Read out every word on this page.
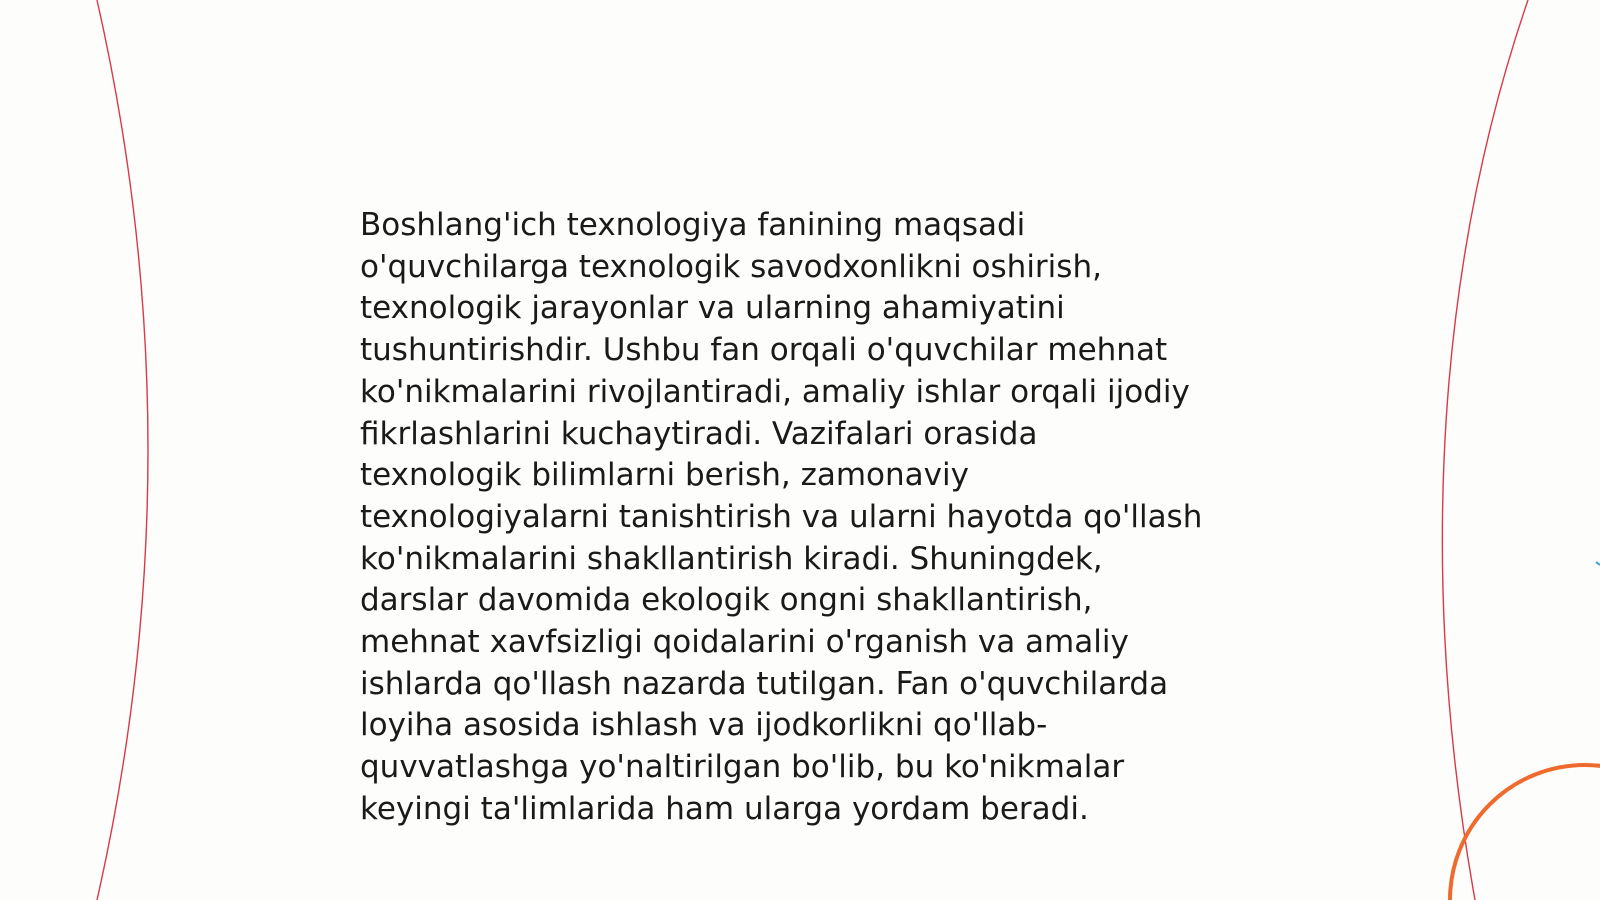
Boshlang'ich texnologiya fanining maqsadi
o'quvchilarga texnologik savodxonlikni oshirish,
texnologik jarayonlar va ularning ahamiyatini
tushuntirishdir. Ushbu fan orqali o'quvchilar mehnat
ko'nikmalarini rivojlantiradi, amaliy ishlar orqali ijodiy
fikrlashlarini kuchaytiradi. Vazifalari orasida
texnologik bilimlarni berish, zamonaviy
texnologiyalarni tanishtirish va ularni hayotda qo'llash
ko'nikmalarini shakllantirish kiradi. Shuningdek,
darslar davomida ekologik ongni shakllantirish,
mehnat xavfsizligi qoidalarini o'rganish va amaliy
ishlarda qo'llash nazarda tutilgan. Fan o'quvchilarda
loyiha asosida ishlash va ijodkorlikni qo'llab-
quvvatlashga yo'naltirilgan bo'lib, bu ko'nikmalar
keyingi ta'limlarida ham ularga yordam beradi.
